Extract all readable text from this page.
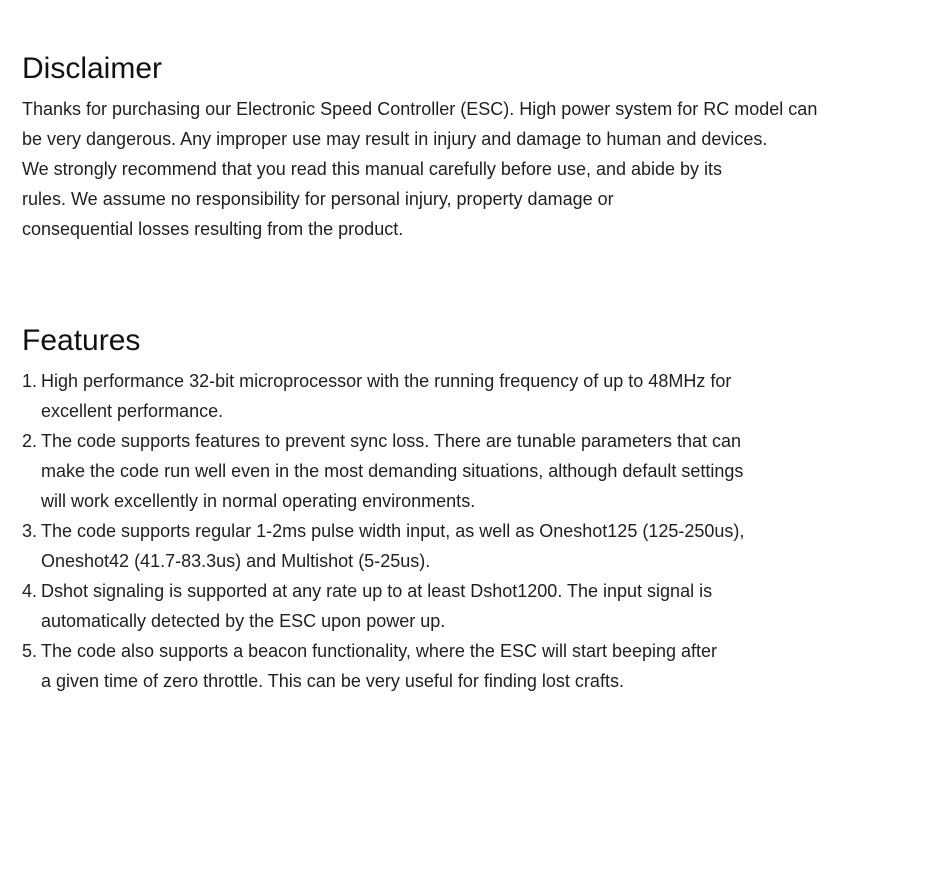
Disclaimer
Thanks for purchasing our Electronic Speed Controller (ESC). High power system for RC model can
be very dangerous. Any improper use may result in injury and damage to human and devices.
We strongly recommend that you read this manual carefully before use, and abide by its
rules. We assume no responsibility for personal injury, property damage or
consequential losses resulting from the product.
Features
1. High performance 32-bit microprocessor with the running frequency of up to 48MHz for
excellent performance.
2. The code supports features to prevent sync loss. There are tunable parameters that can
make the code run well even in the most demanding situations, although default settings
will work excellently in normal operating environments.
3. The code supports regular 1-2ms pulse width input, as well as Oneshot125 (125-250us),
Oneshot42 (41.7-83.3us) and Multishot (5-25us).
4. Dshot signaling is supported at any rate up to at least Dshot1200. The input signal is
automatically detected by the ESC upon power up.
5. The code also supports a beacon functionality, where the ESC will start beeping after
a given time of zero throttle. This can be very useful for finding lost crafts.
